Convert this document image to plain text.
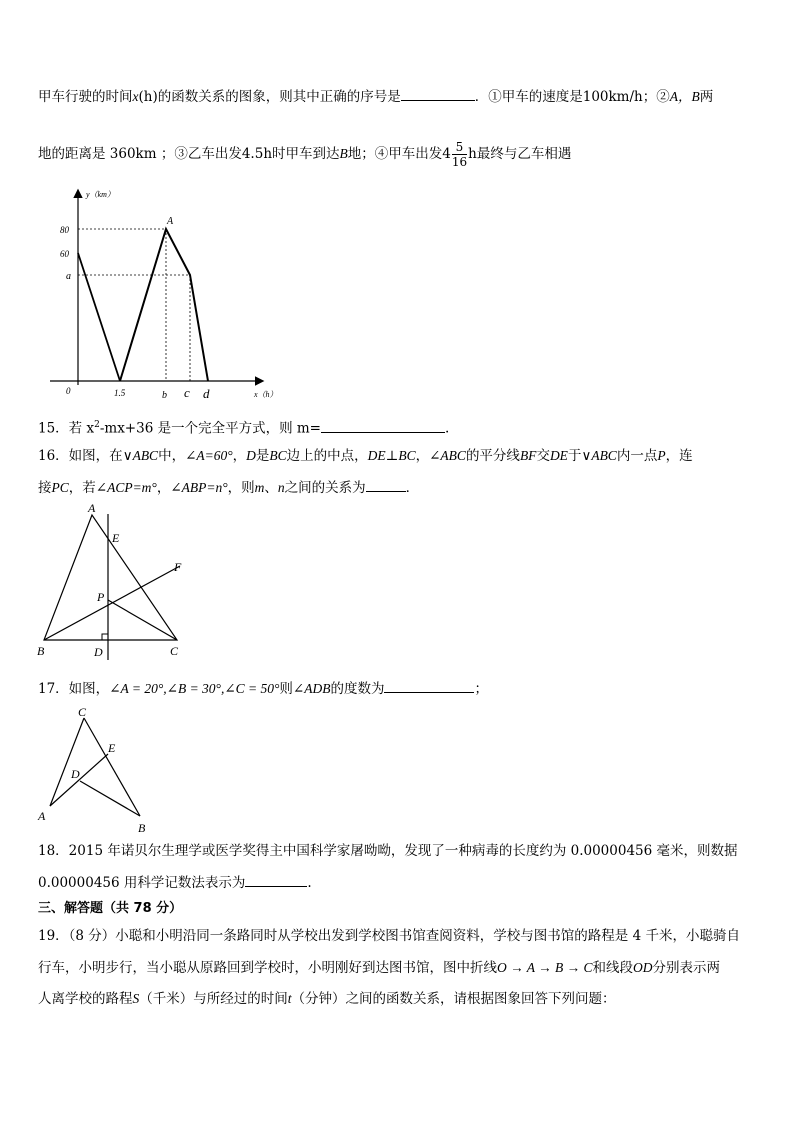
甲车行驶的时间x(h)的函数关系的图象，则其中正确的序号是	．①甲车的速度是100km/h；②A，B两
地的距离是 360km ；③乙车出发4.5h时甲车到达B地；④甲车出发$4 \frac{5}{16}$ h最终与乙车相遇
y（km）
x（h）
0
80
60
a
1.5	b c d
A
15．若 $x^2-mx+36$ 是一个完全平方式，则 m=	.
16．如图，在∨ABC中，∠A=60°，D是BC边上的中点，DE⊥BC，∠ABC的平分线BF交DE于∨ABC内一点P，连
接PC，若∠ACP=m°，∠ABP=n°，则m、n之间的关系为	．
A
E
F
P
B	D	C
17．如图，∠A = 20°,∠B = 30°,∠C = 50°则∠ADB的度数为	；
C
E
D
A
B
18．2015 年诺贝尔生理学或医学奖得主中国科学家屠呦呦，发现了一种病毒的长度约为 0.00000456 毫米，则数据
0.00000456 用科学记数法表示为	.
三、解答题（共 78 分）
19．（8 分）小聪和小明沿同一条路同时从学校出发到学校图书馆查阅资料，学校与图书馆的路程是 4 千米，小聪骑自
行车，小明步行，当小聪从原路回到学校时，小明刚好到达图书馆，图中折线O → A → B → C和线段OD分别表示两
人离学校的路程S（千米）与所经过的时间t（分钟）之间的函数关系，请根据图象回答下列问题：
